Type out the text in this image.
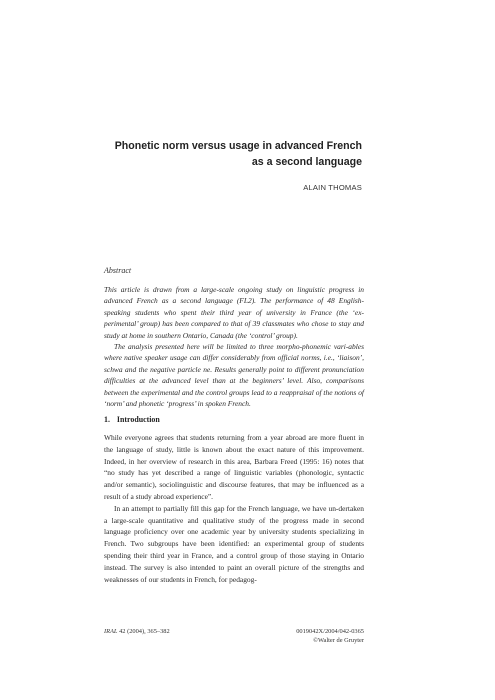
Phonetic norm versus usage in advanced French
as a second language
ALAIN THOMAS
Abstract

This article is drawn from a large-scale ongoing study on linguistic progress in advanced French as a second language (FL2). The performance of 48 English-speaking students who spent their third year of university in France (the ‘ex-perimental’ group) has been compared to that of 39 classmates who chose to stay and study at home in southern Ontario, Canada (the ‘control’ group).

The analysis presented here will be limited to three morpho-phonemic vari-ables where native speaker usage can differ considerably from official norms, i.e., ‘liaison’, schwa and the negative particle ne. Results generally point to different pronunciation difficulties at the advanced level than at the beginners’ level. Also, comparisons between the experimental and the control groups lead to a reappraisal of the notions of ‘norm’ and phonetic ‘progress’ in spoken French.

1. Introduction

While everyone agrees that students returning from a year abroad are more fluent in the language of study, little is known about the exact nature of this improvement. Indeed, in her overview of research in this area, Barbara Freed (1995: 16) notes that “no study has yet described a range of linguistic variables (phonologic, syntactic and/or semantic), sociolinguistic and discourse features, that may be influenced as a result of a study abroad experience”.

In an attempt to partially fill this gap for the French language, we have un-dertaken a large-scale quantitative and qualitative study of the progress made in second language proficiency over one academic year by university students specializing in French. Two subgroups have been identified: an experimental group of students spending their third year in France, and a control group of those staying in Ontario instead. The survey is also intended to paint an overall picture of the strengths and weaknesses of our students in French, for pedagog-

IRAL 42 (2004), 365–382	0019042X/2004/042-0365
©Walter de Gruyter
